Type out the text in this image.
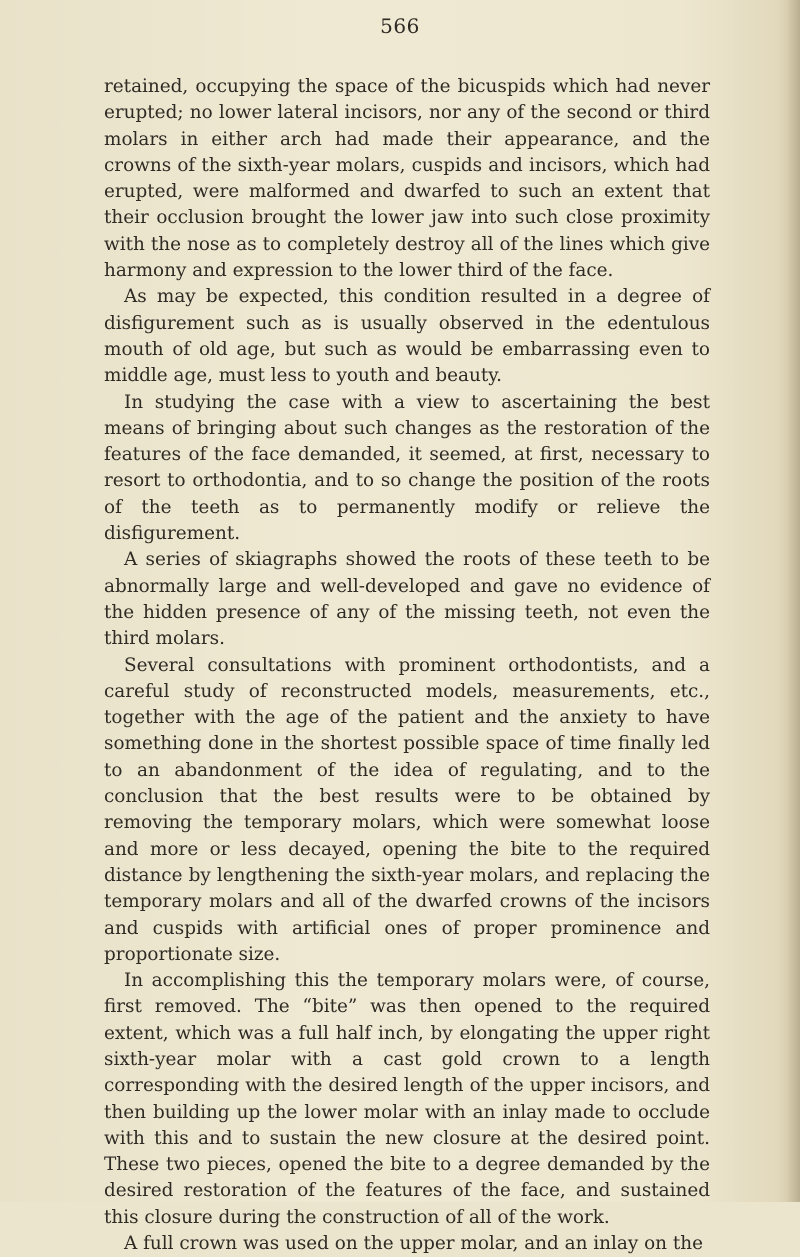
566

retained, occupying the space of the bicuspids which had never erupted; no lower lateral incisors, nor any of the second or third molars in either arch had made their appearance, and the crowns of the sixth-year molars, cuspids and incisors, which had erupted, were malformed and dwarfed to such an extent that their occlusion brought the lower jaw into such close proximity with the nose as to completely destroy all of the lines which give harmony and expression to the lower third of the face.

As may be expected, this condition resulted in a degree of disfigurement such as is usually observed in the edentulous mouth of old age, but such as would be embarrassing even to middle age, must less to youth and beauty.

In studying the case with a view to ascertaining the best means of bringing about such changes as the restoration of the features of the face demanded, it seemed, at first, necessary to resort to orthodontia, and to so change the position of the roots of the teeth as to permanently modify or relieve the disfigurement.

A series of skiagraphs showed the roots of these teeth to be abnormally large and well-developed and gave no evidence of the hidden presence of any of the missing teeth, not even the third molars.

Several consultations with prominent orthodontists, and a careful study of reconstructed models, measurements, etc., together with the age of the patient and the anxiety to have something done in the shortest possible space of time finally led to an abandonment of the idea of regulating, and to the conclusion that the best results were to be obtained by removing the temporary molars, which were somewhat loose and more or less decayed, opening the bite to the required distance by lengthening the sixth-year molars, and replacing the temporary molars and all of the dwarfed crowns of the incisors and cuspids with artificial ones of proper prominence and proportionate size.

In accomplishing this the temporary molars were, of course, first removed. The “bite” was then opened to the required extent, which was a full half inch, by elongating the upper right sixth-year molar with a cast gold crown to a length corresponding with the desired length of the upper incisors, and then building up the lower molar with an inlay made to occlude with this and to sustain the new closure at the desired point. These two pieces, opened the bite to a degree demanded by the desired restoration of the features of the face, and sustained this closure during the construction of all of the work.

A full crown was used on the upper molar, and an inlay on the
